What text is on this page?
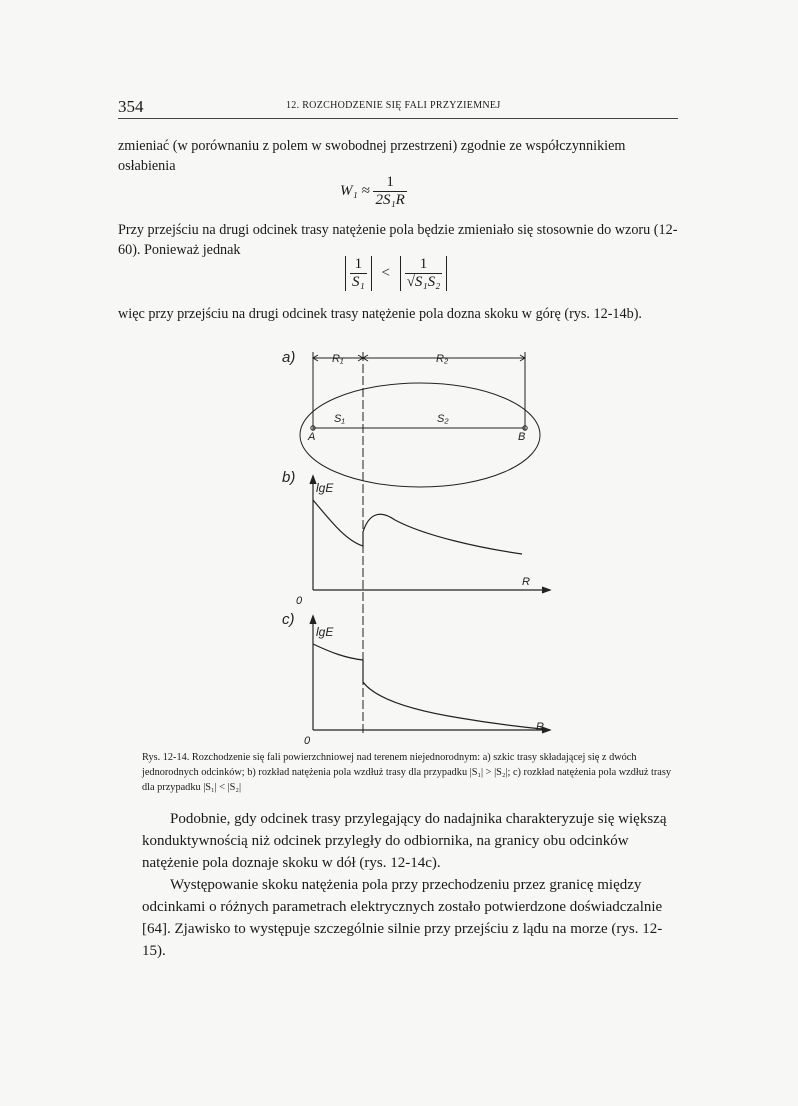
354	12. ROZCHODZENIE SIĘ FALI PRZYZIEMNEJ
zmieniać (w porównaniu z polem w swobodnej przestrzeni) zgodnie ze współczynnikiem osłabienia
$W_1 \approx \frac{1}{\text{2S₁R}}$
Przy przejściu na drugi odcinek trasy natężenie pola będzie zmieniało się stosownie do wzoru (12-60). Ponieważ jednak
$\frac{1}{\text{S₁}} < \frac{1}{\text{√S₁S₂}}$
więc przy przejściu na drugi odcinek trasy natężenie pola dozna skoku w górę (rys. 12-14b).
a)	R₁	R₂
S₁	S₂
A	B
b)
lgE
R
0
c)
lgE
R
0
Rys. 12-14. Rozchodzenie się fali powierzchniowej nad terenem niejednorodnym: a) szkic trasy składającej się z dwóch jednorodnych odcinków; b) rozkład natężenia pola wzdłuż trasy dla przypadku |S₁| > |S₂|; c) rozkład natężenia pola wzdłuż trasy dla przypadku |S₁| < |S₂|
Podobnie, gdy odcinek trasy przylegający do nadajnika charakteryzuje się większą konduktywnością niż odcinek przyległy do odbiornika, na granicy obu odcinków natężenie pola doznaje skoku w dół (rys. 12-14c).
Występowanie skoku natężenia pola przy przechodzeniu przez granicę między odcinkami o różnych parametrach elektrycznych zostało potwierdzone doświadczalnie [64]. Zjawisko to występuje szczególnie silnie przy przejściu z lądu na morze (rys. 12-15).
